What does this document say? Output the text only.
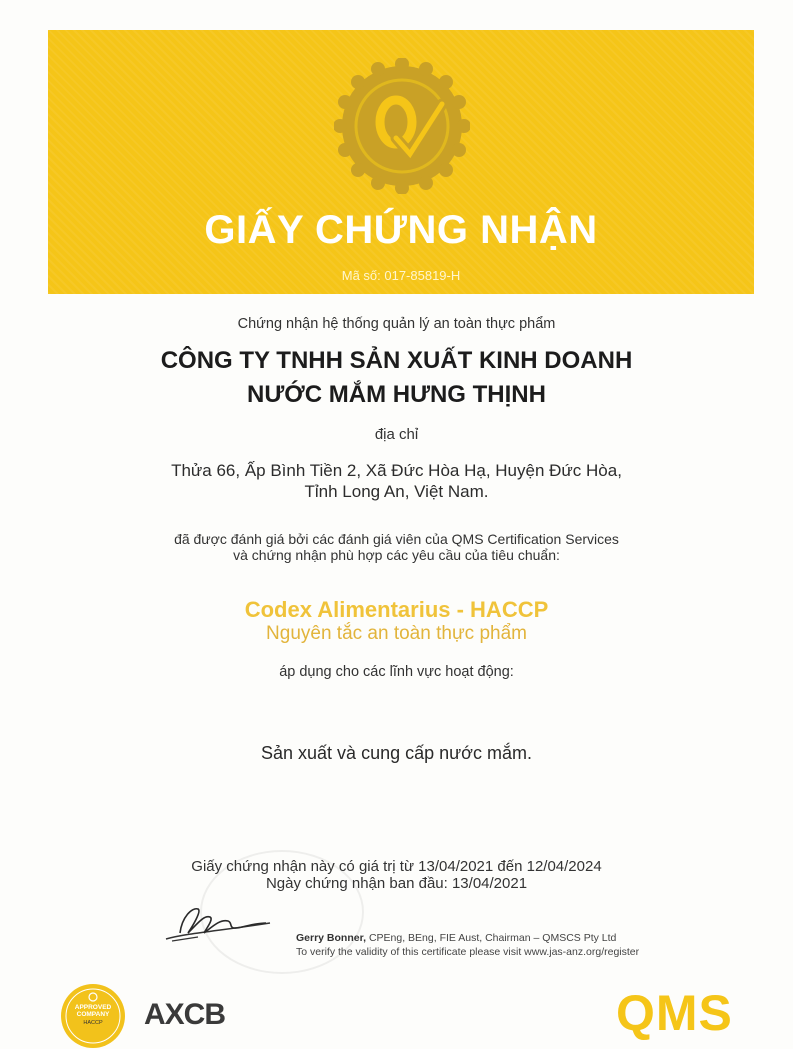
GIẤY CHỨNG NHẬN
Mã số: 017-85819-H
Chứng nhận hệ thống quản lý an toàn thực phẩm
CÔNG TY TNHH SẢN XUẤT KINH DOANH
NƯỚC MẮM HƯNG THỊNH
địa chỉ
Thửa 66, Ấp Bình Tiền 2, Xã Đức Hòa Hạ, Huyện Đức Hòa,
Tỉnh Long An, Việt Nam.
đã được đánh giá bởi các đánh giá viên của QMS Certification Services
và chứng nhận phù hợp các yêu cầu của tiêu chuẩn:
Codex Alimentarius - HACCP
Nguyên tắc an toàn thực phẩm
áp dụng cho các lĩnh vực hoạt động:
Sản xuất và cung cấp nước mắm.
Giấy chứng nhận này có giá trị từ 13/04/2021 đến 12/04/2024
Ngày chứng nhận ban đầu: 13/04/2021
Gerry Bonner, CPEng, BEng, FIE Aust, Chairman – QMSCS Pty Ltd
To verify the validity of this certificate please visit www.jas-anz.org/register
APPROVED
COMPANY
HACCP AXCB	QMS
